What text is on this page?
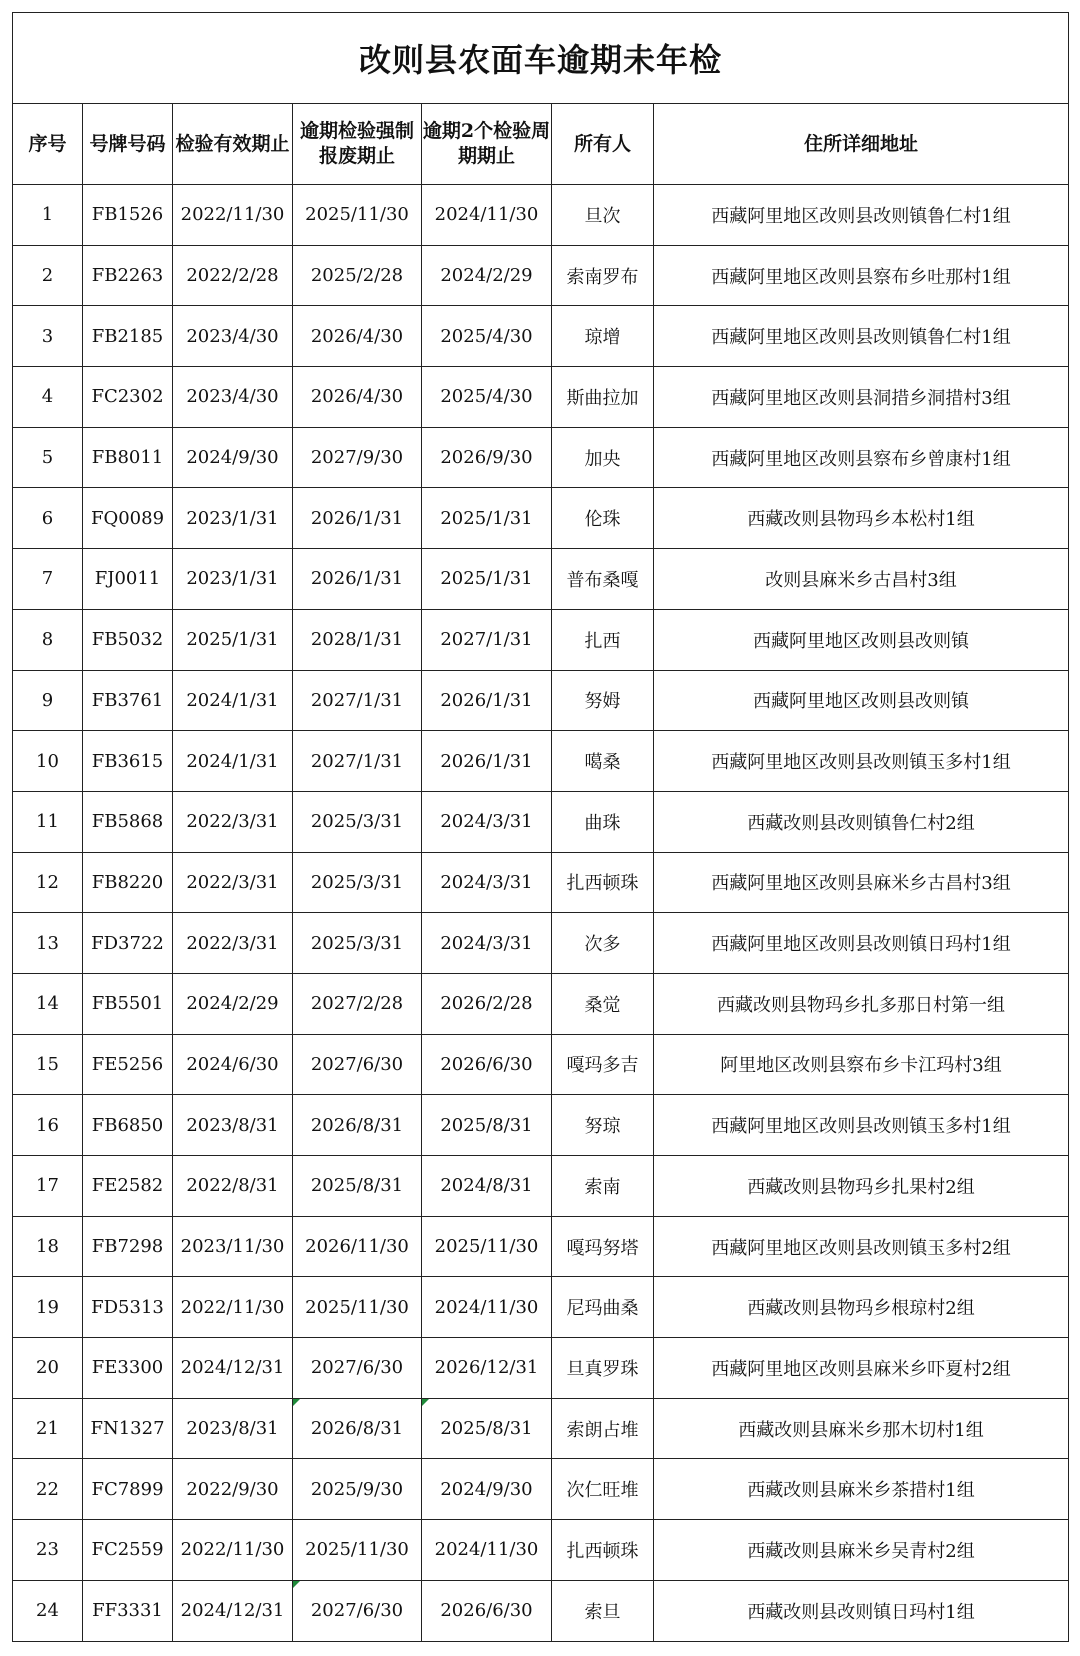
改则县农面车逾期未年检						
序号	号牌号码	检验有效期止	逾期检验强制报废期止	逾期2个检验周期期止	所有人	住所详细地址
1	FB1526	2022/11/30	2025/11/30	2024/11/30	旦次	西藏阿里地区改则县改则镇鲁仁村1组
2	FB2263	2022/2/28	2025/2/28	2024/2/29	索南罗布	西藏阿里地区改则县察布乡吐那村1组
3	FB2185	2023/4/30	2026/4/30	2025/4/30	琼增	西藏阿里地区改则县改则镇鲁仁村1组
4	FC2302	2023/4/30	2026/4/30	2025/4/30	斯曲拉加	西藏阿里地区改则县洞措乡洞措村3组
5	FB8011	2024/9/30	2027/9/30	2026/9/30	加央	西藏阿里地区改则县察布乡曾康村1组
6	FQ0089	2023/1/31	2026/1/31	2025/1/31	伦珠	西藏改则县物玛乡本松村1组
7	FJ0011	2023/1/31	2026/1/31	2025/1/31	普布桑嘎	改则县麻米乡古昌村3组
8	FB5032	2025/1/31	2028/1/31	2027/1/31	扎西	西藏阿里地区改则县改则镇
9	FB3761	2024/1/31	2027/1/31	2026/1/31	努姆	西藏阿里地区改则县改则镇
10	FB3615	2024/1/31	2027/1/31	2026/1/31	噶桑	西藏阿里地区改则县改则镇玉多村1组
11	FB5868	2022/3/31	2025/3/31	2024/3/31	曲珠	西藏改则县改则镇鲁仁村2组
12	FB8220	2022/3/31	2025/3/31	2024/3/31	扎西顿珠	西藏阿里地区改则县麻米乡古昌村3组
13	FD3722	2022/3/31	2025/3/31	2024/3/31	次多	西藏阿里地区改则县改则镇日玛村1组
14	FB5501	2024/2/29	2027/2/28	2026/2/28	桑觉	西藏改则县物玛乡扎多那日村第一组
15	FE5256	2024/6/30	2027/6/30	2026/6/30	嘎玛多吉	阿里地区改则县察布乡卡江玛村3组
16	FB6850	2023/8/31	2026/8/31	2025/8/31	努琼	西藏阿里地区改则县改则镇玉多村1组
17	FE2582	2022/8/31	2025/8/31	2024/8/31	索南	西藏改则县物玛乡扎果村2组
18	FB7298	2023/11/30	2026/11/30	2025/11/30	嘎玛努塔	西藏阿里地区改则县改则镇玉多村2组
19	FD5313	2022/11/30	2025/11/30	2024/11/30	尼玛曲桑	西藏改则县物玛乡根琼村2组
20	FE3300	2024/12/31	2027/6/30	2026/12/31	旦真罗珠	西藏阿里地区改则县麻米乡吓夏村2组
21	FN1327	2023/8/31	2026/8/31	2025/8/31	索朗占堆	西藏改则县麻米乡那木切村1组
22	FC7899	2022/9/30	2025/9/30	2024/9/30	次仁旺堆	西藏改则县麻米乡茶措村1组
23	FC2559	2022/11/30	2025/11/30	2024/11/30	扎西顿珠	西藏改则县麻米乡吴青村2组
24	FF3331	2024/12/31	2027/6/30	2026/6/30	索旦	西藏改则县改则镇日玛村1组
